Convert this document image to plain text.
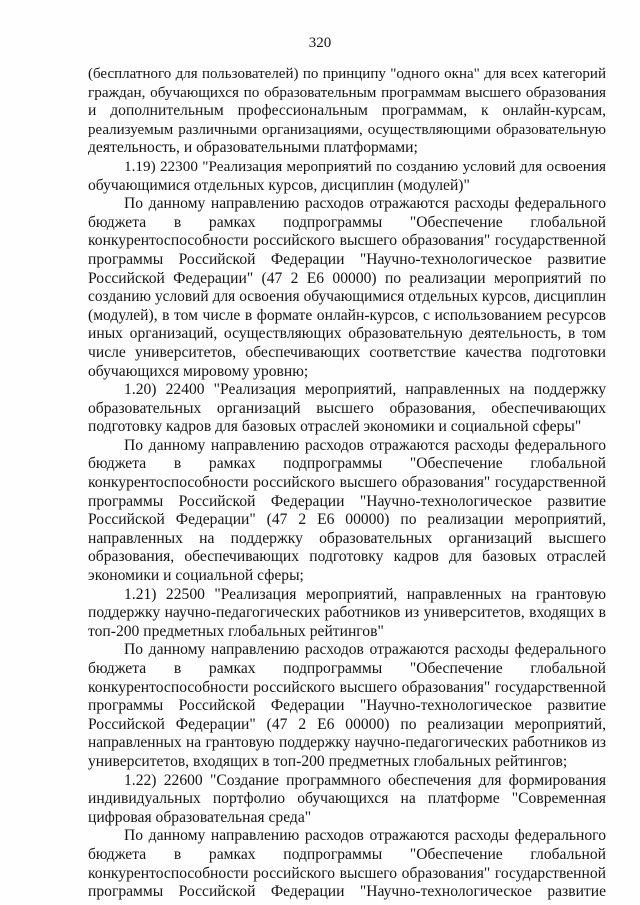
320
(бесплатного для пользователей) по принципу "одного окна" для всех категорий
граждан, обучающихся по образовательным программам высшего образования
и дополнительным профессиональным программам, к онлайн-курсам,
реализуемым различными организациями, осуществляющими образовательную
деятельность, и образовательными платформами;
1.19) 22300 "Реализация мероприятий по созданию условий для освоения
обучающимися отдельных курсов, дисциплин (модулей)"
По данному направлению расходов отражаются расходы федерального
бюджета в рамках подпрограммы "Обеспечение глобальной
конкурентоспособности российского высшего образования" государственной
программы Российской Федерации "Научно-технологическое развитие
Российской Федерации" (47 2 Е6 00000) по реализации мероприятий по
созданию условий для освоения обучающимися отдельных курсов, дисциплин
(модулей), в том числе в формате онлайн-курсов, с использованием ресурсов
иных организаций, осуществляющих образовательную деятельность, в том
числе университетов, обеспечивающих соответствие качества подготовки
обучающихся мировому уровню;
1.20) 22400 "Реализация мероприятий, направленных на поддержку
образовательных организаций высшего образования, обеспечивающих
подготовку кадров для базовых отраслей экономики и социальной сферы"
По данному направлению расходов отражаются расходы федерального
бюджета в рамках подпрограммы "Обеспечение глобальной
конкурентоспособности российского высшего образования" государственной
программы Российской Федерации "Научно-технологическое развитие
Российской Федерации" (47 2 Е6 00000) по реализации мероприятий,
направленных на поддержку образовательных организаций высшего
образования, обеспечивающих подготовку кадров для базовых отраслей
экономики и социальной сферы;
1.21) 22500 "Реализация мероприятий, направленных на грантовую
поддержку научно-педагогических работников из университетов, входящих в
топ-200 предметных глобальных рейтингов"
По данному направлению расходов отражаются расходы федерального
бюджета в рамках подпрограммы "Обеспечение глобальной
конкурентоспособности российского высшего образования" государственной
программы Российской Федерации "Научно-технологическое развитие
Российской Федерации" (47 2 Е6 00000) по реализации мероприятий,
направленных на грантовую поддержку научно-педагогических работников из
университетов, входящих в топ-200 предметных глобальных рейтингов;
1.22) 22600 "Создание программного обеспечения для формирования
индивидуальных портфолио обучающихся на платформе "Современная
цифровая образовательная среда"
По данному направлению расходов отражаются расходы федерального
бюджета в рамках подпрограммы "Обеспечение глобальной
конкурентоспособности российского высшего образования" государственной
программы Российской Федерации "Научно-технологическое развитие
